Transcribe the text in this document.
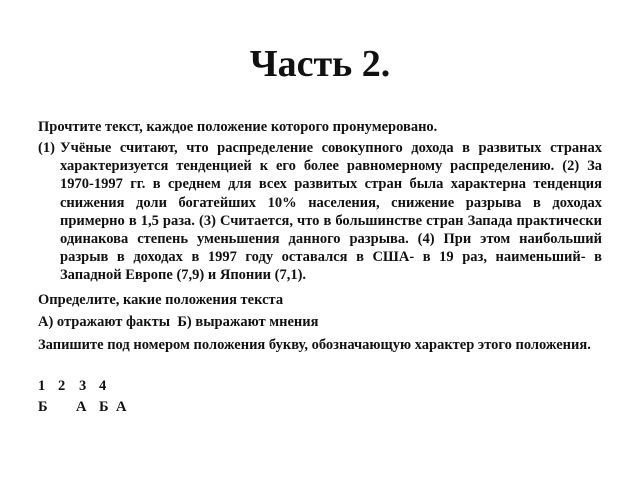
Часть 2.
Прочтите текст, каждое положение которого пронумеровано.
(1) Учёные считают, что распределение совокупного дохода в развитых странах характеризуется тенденцией к его более равномерному распределению. (2) За 1970-1997 гг. в среднем для всех развитых стран была характерна тенденция снижения доли богатейших 10% населения, снижение разрыва в доходах примерно в 1,5 раза. (3) Считается, что в большинстве стран Запада практически одинакова степень уменьшения данного разрыва. (4) При этом наибольший разрыв в доходах в 1997 году оставался в США- в 19 раз, наименьший- в Западной Европе (7,9) и Японии (7,1).
Определите, какие положения текста
А) отражают факты  Б) выражают мнения
Запишите под номером положения букву, обозначающую характер этого положения.
1 2 3 4
Б А Б А
